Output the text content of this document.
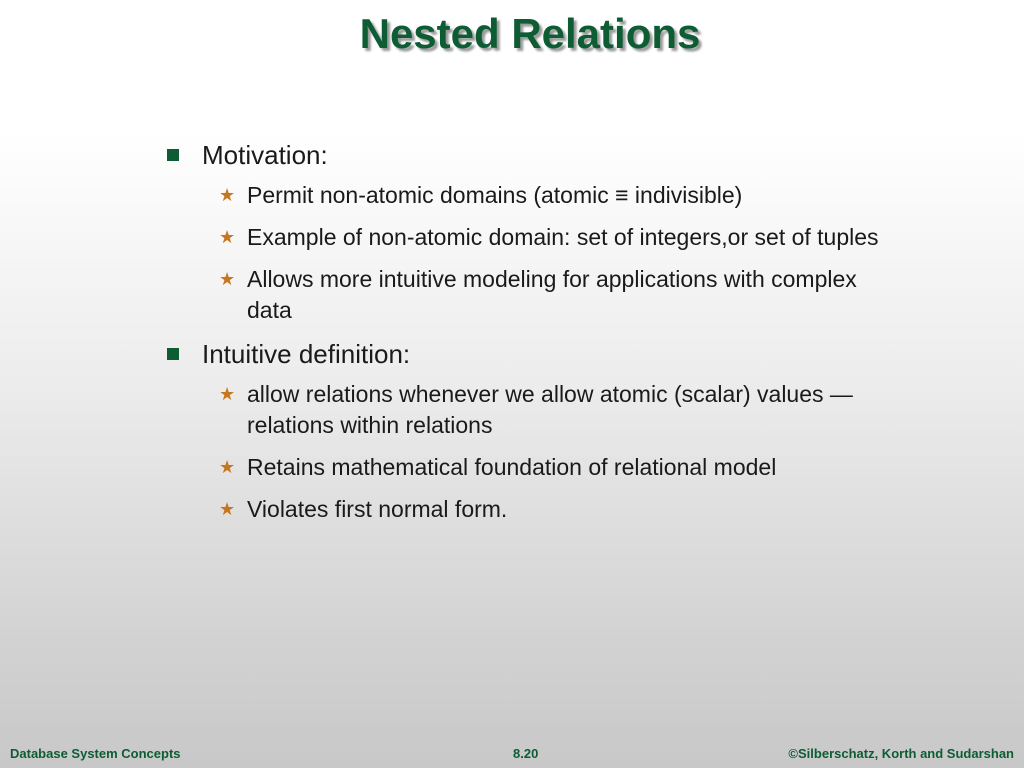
Nested Relations
Motivation:
★ Permit non-atomic domains (atomic ≡ indivisible)
★ Example of non-atomic domain: set of integers,or set of tuples
★ Allows more intuitive modeling for applications with complex data
Intuitive definition:
★ allow relations whenever we allow atomic (scalar) values — relations within relations
★ Retains mathematical foundation of relational model
★ Violates first normal form.
Database System Concepts	8.20	©Silberschatz, Korth and Sudarshan
